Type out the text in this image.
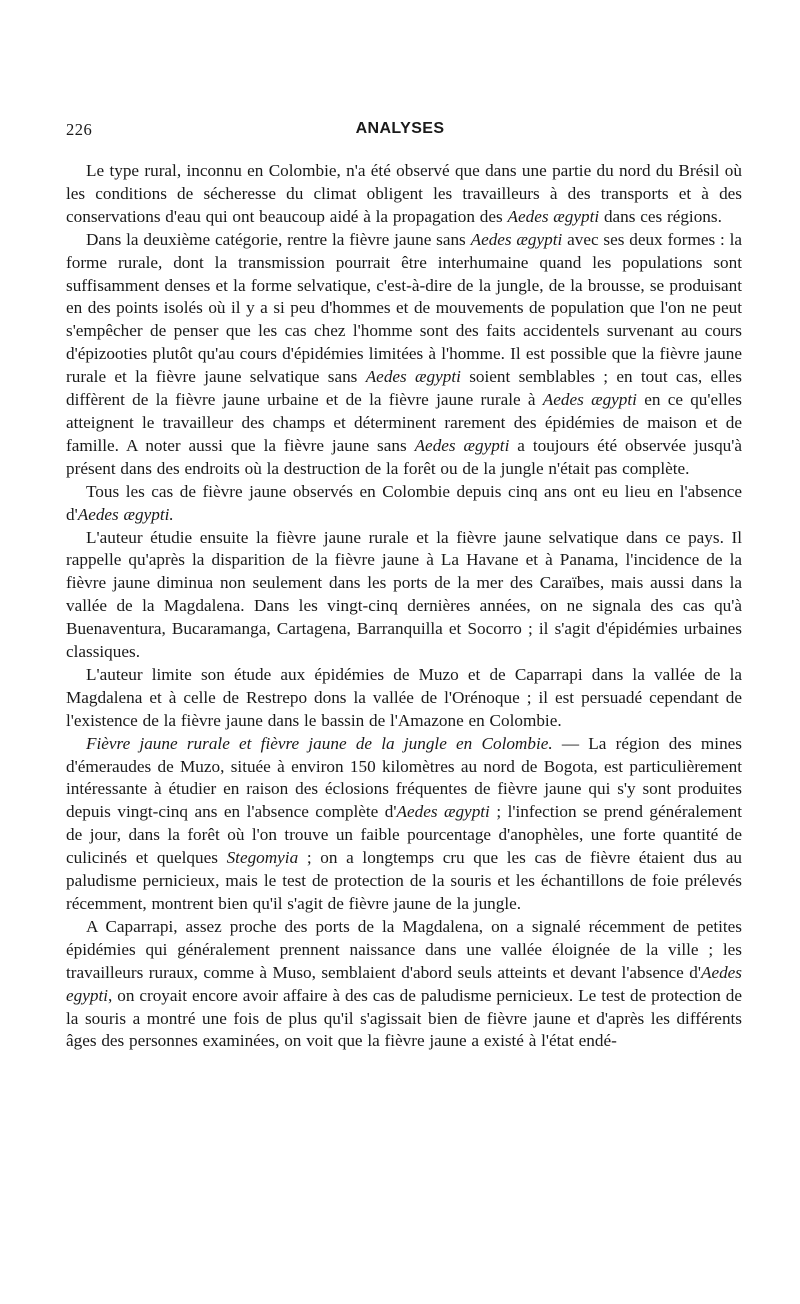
226	ANALYSES

Le type rural, inconnu en Colombie, n'a été observé que dans une partie du nord du Brésil où les conditions de sécheresse du climat obligent les travailleurs à des transports et à des conservations d'eau qui ont beaucoup aidé à la propagation des Aedes ægypti dans ces régions.

Dans la deuxième catégorie, rentre la fièvre jaune sans Aedes ægypti avec ses deux formes : la forme rurale, dont la transmission pourrait être interhumaine quand les populations sont suffisamment denses et la forme selvatique, c'est-à-dire de la jungle, de la brousse, se produisant en des points isolés où il y a si peu d'hommes et de mouvements de population que l'on ne peut s'empêcher de penser que les cas chez l'homme sont des faits accidentels survenant au cours d'épizooties plutôt qu'au cours d'épidémies limitées à l'homme. Il est possible que la fièvre jaune rurale et la fièvre jaune selvatique sans Aedes ægypti soient semblables ; en tout cas, elles diffèrent de la fièvre jaune urbaine et de la fièvre jaune rurale à Aedes ægypti en ce qu'elles atteignent le travailleur des champs et déterminent rarement des épidémies de maison et de famille. A noter aussi que la fièvre jaune sans Aedes ægypti a toujours été observée jusqu'à présent dans des endroits où la destruction de la forêt ou de la jungle n'était pas complète.

Tous les cas de fièvre jaune observés en Colombie depuis cinq ans ont eu lieu en l'absence d'Aedes ægypti.

L'auteur étudie ensuite la fièvre jaune rurale et la fièvre jaune selvatique dans ce pays. Il rappelle qu'après la disparition de la fièvre jaune à La Havane et à Panama, l'incidence de la fièvre jaune diminua non seulement dans les ports de la mer des Caraïbes, mais aussi dans la vallée de la Magdalena. Dans les vingt-cinq dernières années, on ne signala des cas qu'à Buenaventura, Bucaramanga, Cartagena, Barranquilla et Socorro ; il s'agit d'épidémies urbaines classiques.

L'auteur limite son étude aux épidémies de Muzo et de Caparrapi dans la vallée de la Magdalena et à celle de Restrepo dons la vallée de l'Orénoque ; il est persuadé cependant de l'existence de la fièvre jaune dans le bassin de l'Amazone en Colombie.

Fièvre jaune rurale et fièvre jaune de la jungle en Colombie. — La région des mines d'émeraudes de Muzo, située à environ 150 kilomètres au nord de Bogota, est particulièrement intéressante à étudier en raison des éclosions fréquentes de fièvre jaune qui s'y sont produites depuis vingt-cinq ans en l'absence complète d'Aedes ægypti ; l'infection se prend généralement de jour, dans la forêt où l'on trouve un faible pourcentage d'anophèles, une forte quantité de culicinés et quelques Stegomyia ; on a longtemps cru que les cas de fièvre étaient dus au paludisme pernicieux, mais le test de protection de la souris et les échantillons de foie prélevés récemment, montrent bien qu'il s'agit de fièvre jaune de la jungle.

A Caparrapi, assez proche des ports de la Magdalena, on a signalé récemment de petites épidémies qui généralement prennent naissance dans une vallée éloignée de la ville ; les travailleurs ruraux, comme à Muso, semblaient d'abord seuls atteints et devant l'absence d'Aedes egypti, on croyait encore avoir affaire à des cas de paludisme pernicieux. Le test de protection de la souris a montré une fois de plus qu'il s'agissait bien de fièvre jaune et d'après les différents âges des personnes examinées, on voit que la fièvre jaune a existé à l'état endé-
